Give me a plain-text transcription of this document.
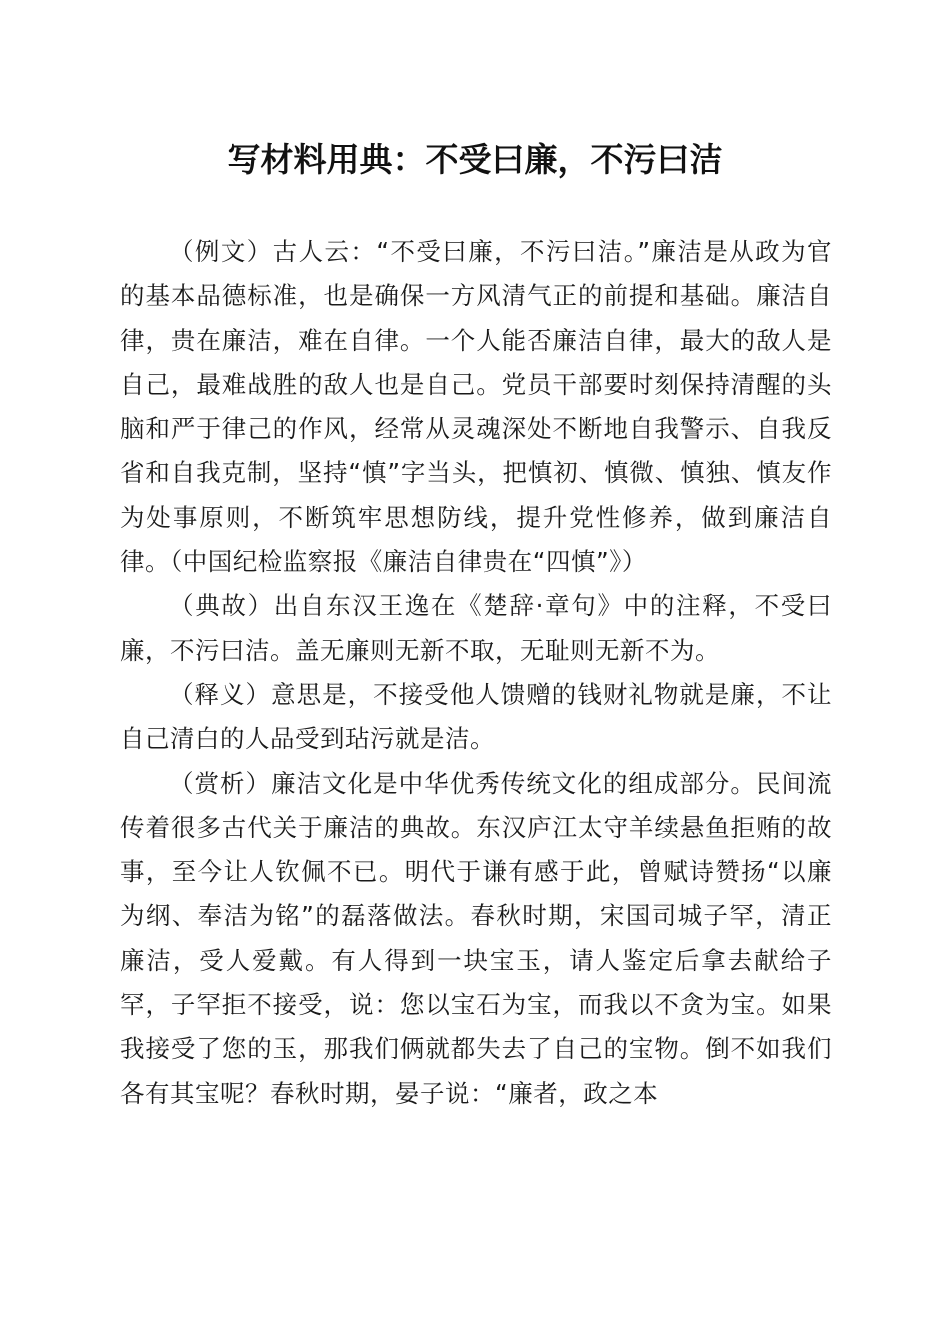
写材料用典：不受曰廉，不污曰洁

（例文）古人云：“不受曰廉，不污曰洁。”廉洁是从政为官的基本品德标准，也是确保一方风清气正的前提和基础。廉洁自律，贵在廉洁，难在自律。一个人能否廉洁自律，最大的敌人是自己，最难战胜的敌人也是自己。党员干部要时刻保持清醒的头脑和严于律己的作风，经常从灵魂深处不断地自我警示、自我反省和自我克制，坚持“慎”字当头，把慎初、慎微、慎独、慎友作为处事原则，不断筑牢思想防线，提升党性修养，做到廉洁自律。（中国纪检监察报《廉洁自律贵在“四慎”》）

（典故）出自东汉王逸在《楚辞·章句》中的注释，不受曰廉，不污曰洁。盖无廉则无新不取，无耻则无新不为。

（释义）意思是，不接受他人馈赠的钱财礼物就是廉，不让自己清白的人品受到玷污就是洁。

（赏析）廉洁文化是中华优秀传统文化的组成部分。民间流传着很多古代关于廉洁的典故。东汉庐江太守羊续悬鱼拒贿的故事，至今让人钦佩不已。明代于谦有感于此，曾赋诗赞扬“以廉为纲、奉洁为铭”的磊落做法。春秋时期，宋国司城子罕，清正廉洁，受人爱戴。有人得到一块宝玉，请人鉴定后拿去献给子罕，子罕拒不接受，说：您以宝石为宝，而我以不贪为宝。如果我接受了您的玉，那我们俩就都失去了自己的宝物。倒不如我们各有其宝呢？春秋时期，晏子说：“廉者，政之本
